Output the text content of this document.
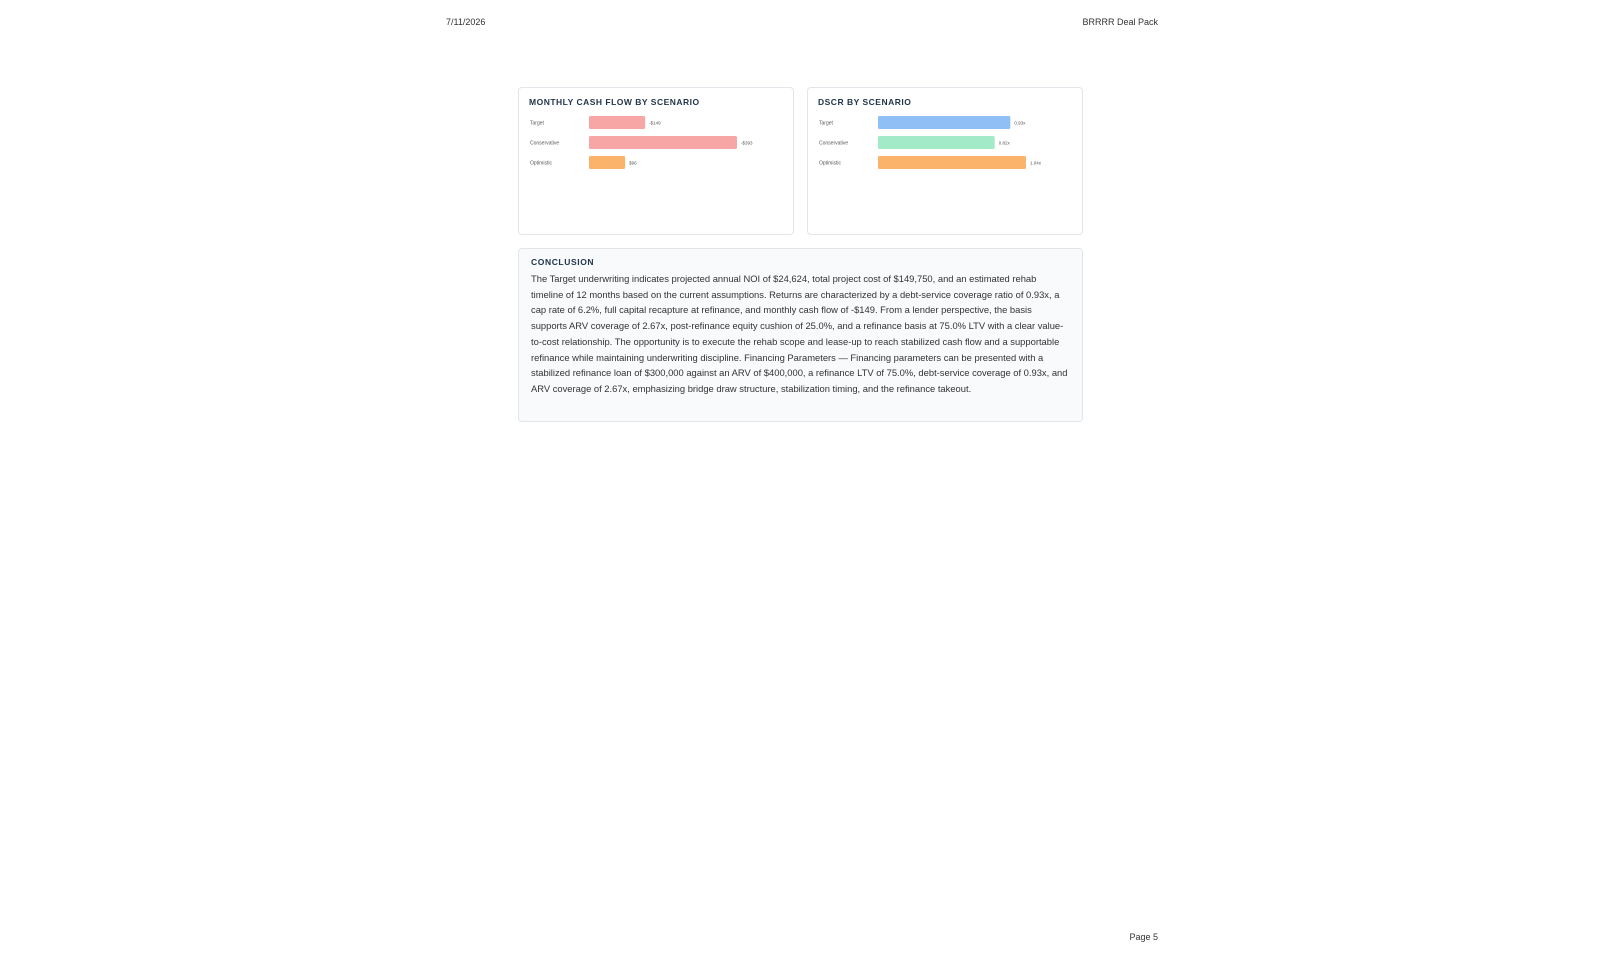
7/11/2026	BRRRR Deal Pack
MONTHLY CASH FLOW BY SCENARIO
Target	-$149
Conservative	-$393
Optimistic	$96
DSCR BY SCENARIO
Target	0.93x
Conservative	0.82x
Optimistic	1.04x
CONCLUSION
The Target underwriting indicates projected annual NOI of $24,624, total project cost of $149,750, and an estimated rehab timeline of 12 months based on the current assumptions. Returns are characterized by a debt-service coverage ratio of 0.93x, a cap rate of 6.2%, full capital recapture at refinance, and monthly cash flow of -$149. From a lender perspective, the basis supports ARV coverage of 2.67x, post-refinance equity cushion of 25.0%, and a refinance basis at 75.0% LTV with a clear value-to-cost relationship. The opportunity is to execute the rehab scope and lease-up to reach stabilized cash flow and a supportable refinance while maintaining underwriting discipline. Financing Parameters — Financing parameters can be presented with a stabilized refinance loan of $300,000 against an ARV of $400,000, a refinance LTV of 75.0%, debt-service coverage of 0.93x, and ARV coverage of 2.67x, emphasizing bridge draw structure, stabilization timing, and the refinance takeout.
Page 5
